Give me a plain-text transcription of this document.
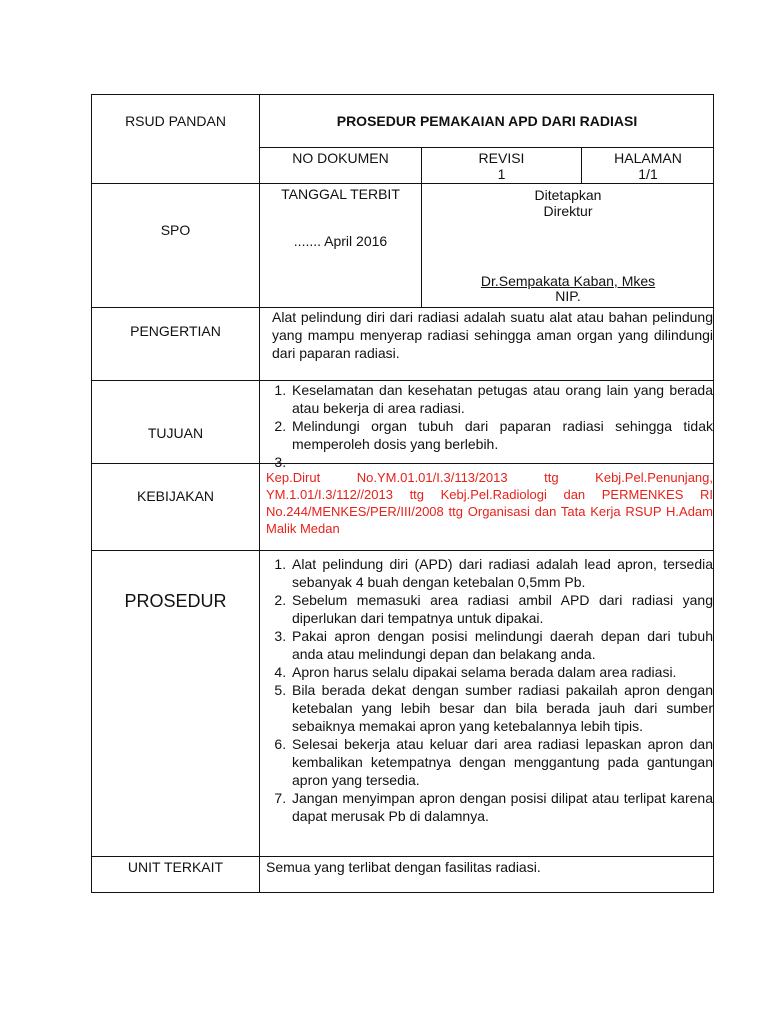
RSUD PANDAN
SPO
PROSEDUR PEMAKAIAN APD DARI RADIASI
NO DOKUMEN	REVISI
1
HALAMAN
1/1
TANGGAL TERBIT
....... April 2016
Ditetapkan
Direktur
Dr.Sempakata Kaban, Mkes
NIP.
PENGERTIAN
Alat pelindung diri dari radiasi adalah suatu alat atau bahan pelindung yang mampu menyerap radiasi sehingga aman organ yang dilindungi dari paparan radiasi.
TUJUAN
1. Keselamatan dan kesehatan petugas atau orang lain yang berada atau bekerja di area radiasi.
2. Melindungi organ tubuh dari paparan radiasi sehingga tidak memperoleh dosis yang berlebih.
3.
KEBIJAKAN
Kep.Dirut No.YM.01.01/I.3/113/2013 ttg Kebj.Pel.Penunjang, YM.1.01/I.3/112//2013 ttg Kebj.Pel.Radiologi dan PERMENKES RI No.244/MENKES/PER/III/2008 ttg Organisasi dan Tata Kerja RSUP H.Adam Malik Medan
PROSEDUR
1. Alat pelindung diri (APD) dari radiasi adalah lead apron, tersedia sebanyak 4 buah dengan ketebalan 0,5mm Pb.
2. Sebelum memasuki area radiasi ambil APD dari radiasi yang diperlukan dari tempatnya untuk dipakai.
3. Pakai apron dengan posisi melindungi daerah depan dari tubuh anda atau melindungi depan dan belakang anda.
4. Apron harus selalu dipakai selama berada dalam area radiasi.
5. Bila berada dekat dengan sumber radiasi pakailah apron dengan ketebalan yang lebih besar dan bila berada jauh dari sumber sebaiknya memakai apron yang ketebalannya lebih tipis.
6. Selesai bekerja atau keluar dari area radiasi lepaskan apron dan kembalikan ketempatnya dengan menggantung pada gantungan apron yang tersedia.
7. Jangan menyimpan apron dengan posisi dilipat atau terlipat karena dapat merusak Pb di dalamnya.
UNIT TERKAIT	Semua yang terlibat dengan fasilitas radiasi.
